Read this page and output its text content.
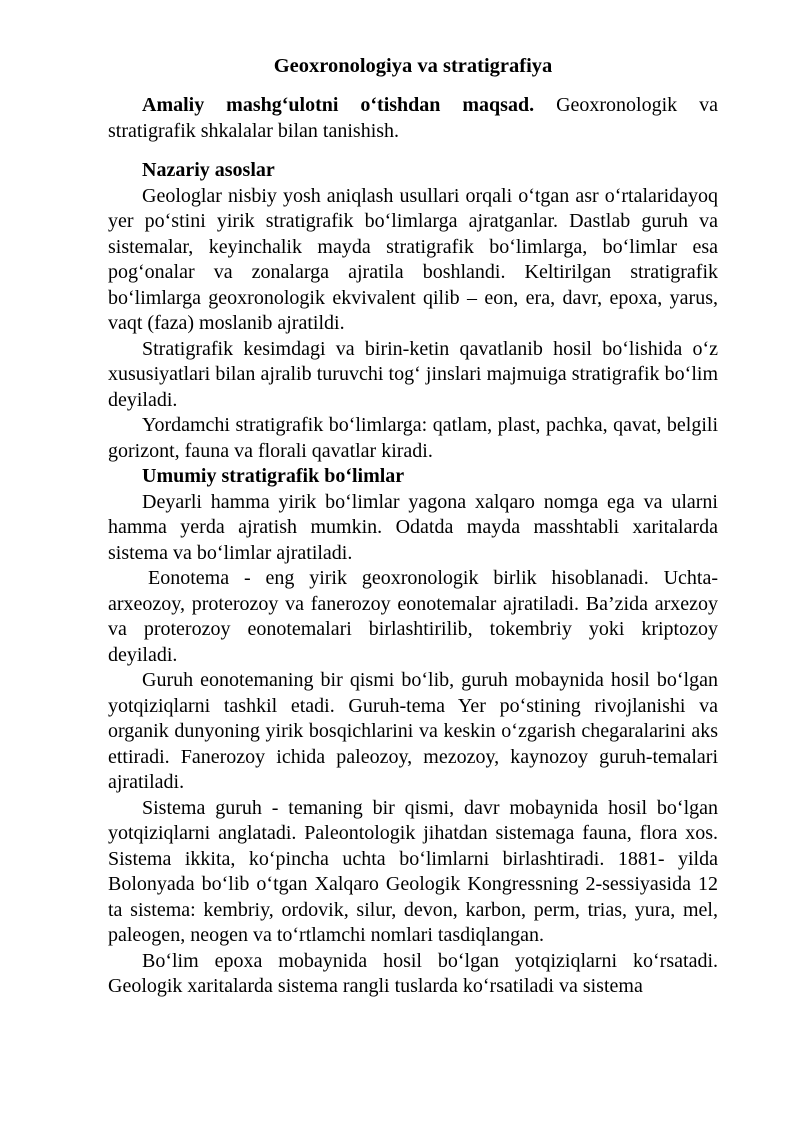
Geoxronologiya va stratigrafiya

Amaliy mashg‘ulotni o‘tishdan maqsad. Geoxronologik va stratigrafik shkalalar bilan tanishish.

Nazariy asoslar

Geologlar nisbiy yosh aniqlash usullari orqali o‘tgan asr o‘rtalaridayoq yer po‘stini yirik stratigrafik bo‘limlarga ajratganlar. Dastlab guruh va sistemalar, keyinchalik mayda stratigrafik bo‘limlarga, bo‘limlar esa pog‘onalar va zonalarga ajratila boshlandi. Keltirilgan stratigrafik bo‘limlarga geoxronologik ekvivalent qilib – eon, era, davr, epoxa, yarus, vaqt (faza) moslanib ajratildi.

Stratigrafik kesimdagi va birin-ketin qavatlanib hosil bo‘lishida o‘z xususiyatlari bilan ajralib turuvchi tog‘ jinslari majmuiga stratigrafik bo‘lim deyiladi.

Yordamchi stratigrafik bo‘limlarga: qatlam, plast, pachka, qavat, belgili gorizont, fauna va florali qavatlar kiradi.

Umumiy stratigrafik bo‘limlar

Deyarli hamma yirik bo‘limlar yagona xalqaro nomga ega va ularni hamma yerda ajratish mumkin. Odatda mayda masshtabli xaritalarda sistema va bo‘limlar ajratiladi.

Eonotema - eng yirik geoxronologik birlik hisoblanadi. Uchta-arxeozoy, proterozoy va fanerozoy eonotemalar ajratiladi. Ba’zida arxezoy va proterozoy eonotemalari birlashtirilib, tokembriy yoki kriptozoy deyiladi.

Guruh eonotemaning bir qismi bo‘lib, guruh mobaynida hosil bo‘lgan yotqiziqlarni tashkil etadi. Guruh-tema Yer po‘stining rivojlanishi va organik dunyoning yirik bosqichlarini va keskin o‘zgarish chegaralarini aks ettiradi. Fanerozoy ichida paleozoy, mezozoy, kaynozoy guruh-temalari ajratiladi.

Sistema guruh - temaning bir qismi, davr mobaynida hosil bo‘lgan yotqiziqlarni anglatadi. Paleontologik jihatdan sistemaga fauna, flora xos. Sistema ikkita, ko‘pincha uchta bo‘limlarni birlashtiradi. 1881- yilda Bolonyada bo‘lib o‘tgan Xalqaro Geologik Kongressning 2-sessiyasida 12 ta sistema: kembriy, ordovik, silur, devon, karbon, perm, trias, yura, mel, paleogen, neogen va to‘rtlamchi nomlari tasdiqlangan.

Bo‘lim epoxa mobaynida hosil bo‘lgan yotqiziqlarni ko‘rsatadi. Geologik xaritalarda sistema rangli tuslarda ko‘rsatiladi va sistema
